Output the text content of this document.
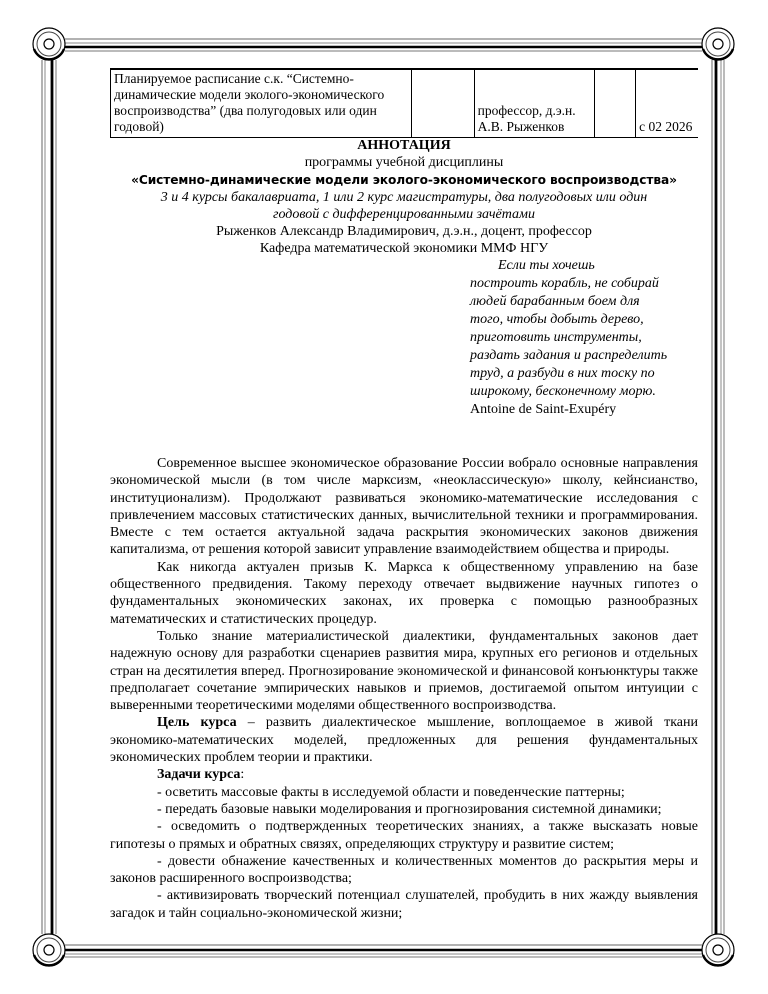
Планируемое расписание с.к. “Системно-динамические модели эколого-экономического воспроизводства” (два полугодовых или один годовой)		профессор, д.э.н. А.В. Рыженков		с 02 2026
АННОТАЦИЯ
программы учебной дисциплины
«Системно-динамические модели эколого-экономического воспроизводства»
3 и 4 курсы бакалавриата, 1 или 2 курс магистратуры, два полугодовых или один
годовой с дифференцированными зачётами
Рыженков Александр Владимирович, д.э.н., доцент, профессор
Кафедра математической экономики ММФ НГУ
Если ты хочешь
построить корабль, не собирай
людей барабанным боем для
того, чтобы добыть дерево,
приготовить инструменты,
раздать задания и распределить
труд, а разбуди в них тоску по
широкому, бесконечному морю.
Antoine de Saint-Exupéry

Современное высшее экономическое образование России вобрало основные направления экономической мысли (в том числе марксизм, «неоклассическую» школу, кейнсианство, институционализм). Продолжают развиваться экономико-математические исследования с привлечением массовых статистических данных, вычислительной техники и программирования. Вместе с тем остается актуальной задача раскрытия экономических законов движения капитализма, от решения которой зависит управление взаимодействием общества и природы.

Как никогда актуален призыв К. Маркса к общественному управлению на базе общественного предвидения. Такому переходу отвечает выдвижение научных гипотез о фундаментальных экономических законах, их проверка с помощью разнообразных математических и статистических процедур.

Только знание материалистической диалектики, фундаментальных законов дает надежную основу для разработки сценариев развития мира, крупных его регионов и отдельных стран на десятилетия вперед. Прогнозирование экономической и финансовой конъюнктуры также предполагает сочетание эмпирических навыков и приемов, достигаемой опытом интуиции с выверенными теоретическими моделями общественного воспроизводства.

Цель курса – развить диалектическое мышление, воплощаемое в живой ткани экономико-математических моделей, предложенных для решения фундаментальных экономических проблем теории и практики.

Задачи курса:

- осветить массовые факты в исследуемой области и поведенческие паттерны;

- передать базовые навыки моделирования и прогнозирования системной динамики;

- осведомить о подтвержденных теоретических знаниях, а также высказать новые гипотезы о прямых и обратных связях, определяющих структуру и развитие систем;

- довести обнажение качественных и количественных моментов до раскрытия меры и законов расширенного воспроизводства;

- активизировать творческий потенциал слушателей, пробудить в них жажду выявления загадок и тайн социально-экономической жизни;
